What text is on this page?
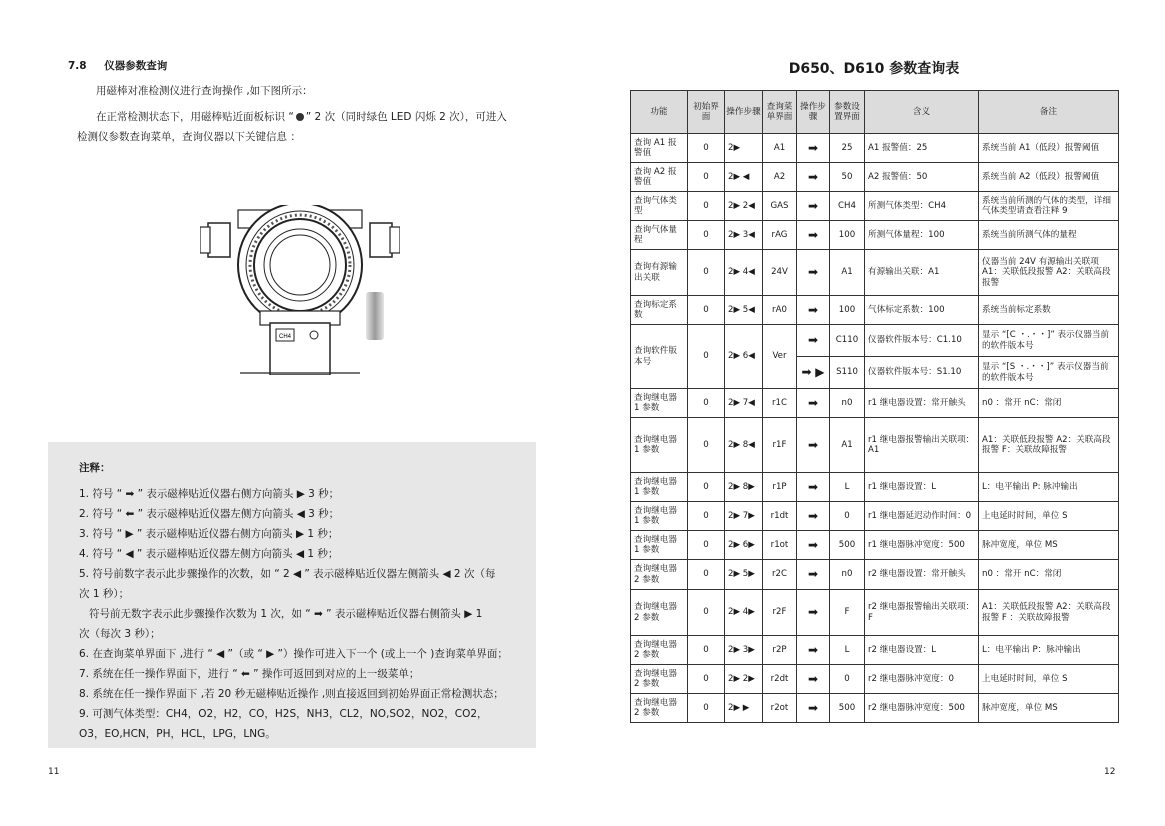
7.8 仪器参数查询
用磁棒对准检测仪进行查询操作 ,如下图所示：
在正常检测状态下，用磁棒贴近面板标识 “ ” 2 次（同时绿色 LED 闪烁 2 次），可进入
检测仪参数查询菜单，查询仪器以下关键信息 ：
CH4
注释：

1. 符号 “ ➡ ” 表示磁棒贴近仪器右侧方向箭头 ▶ 3 秒；

2. 符号 “ ⬅ ” 表示磁棒贴近仪器左侧方向箭头 ◀ 3 秒；

3. 符号 “ ▶ ” 表示磁棒贴近仪器右侧方向箭头 ▶ 1 秒；

4. 符号 “ ◀ ” 表示磁棒贴近仪器左侧方向箭头 ◀ 1 秒；

5. 符号前数字表示此步骤操作的次数，如 “ 2 ◀ ” 表示磁棒贴近仪器左侧箭头 ◀ 2 次（每

次 1 秒）；

符号前无数字表示此步骤操作次数为 1 次，如 “ ➡ ” 表示磁棒贴近仪器右侧箭头 ▶ 1

次（每次 3 秒）；

6. 在查询菜单界面下 ,进行 “ ◀ ”（或 “ ▶ ”）操作可进入下一个 (或上一个 )查询菜单界面；

7. 系统在任一操作界面下，进行 “ ⬅ ” 操作可返回到对应的上一级菜单；

8. 系统在任一操作界面下 ,若 20 秒无磁棒贴近操作 ,则直接返回到初始界面正常检测状态；

9. 可测气体类型：CH4，O2，H2，CO，H2S，NH3，CL2，NO,SO2，NO2，CO2，

O3，EO,HCN，PH，HCL，LPG，LNG。

11
D650、D610 参数查询表
功能	初始界面	操作步骤	查询菜单界面	操作步骤	参数设置界面	含义	备注
查询 A1 报警值	0	2▶	A1	➡	25	A1 报警值：25	系统当前 A1（低段）报警阈值
查询 A2 报警值	0	2▶ ◀	A2	➡	50	A2 报警值：50	系统当前 A2（低段）报警阈值
查询气体类型	0	2▶ 2◀	GAS	➡	CH4	所测气体类型：CH4	系统当前所测的气体的类型，详细气体类型请查看注释 9
查询气体量程	0	2▶ 3◀	rAG	➡	100	所测气体量程：100	系统当前所测气体的量程
查询有源输出关联	0	2▶ 4◀	24V	➡	A1	有源输出关联：A1	仪器当前 24V 有源输出关联项 A1：关联低段报警 A2：关联高段报警
查询标定系数	0	2▶ 5◀	rA0	➡	100	气体标定系数：100	系统当前标定系数
查询软件版本号	0	2▶ 6◀	Ver	➡	C110	仪器软件版本号：C1.10	显示 “[C ・.・・]” 表示仪器当前的软件版本号
				➡ ▶	S110	仪器软件版本号：S1.10	显示 “[S ・.・・]” 表示仪器当前的软件版本号
查询继电器 1 参数	0	2▶ 7◀	r1C	➡	n0	r1 继电器设置：常开触头	n0 ：常开 nC：常闭
查询继电器 1 参数	0	2▶ 8◀	r1F	➡	A1	r1 继电器报警输出关联项：A1	A1：关联低段报警 A2：关联高段报警 F：关联故障报警
查询继电器 1 参数	0	2▶ 8▶	r1P	➡	L	r1 继电器设置：L	L：电平输出 P: 脉冲输出
查询继电器 1 参数	0	2▶ 7▶	r1dt	➡	0	r1 继电器延迟动作时间：0	上电延时时间，单位 S
查询继电器 1 参数	0	2▶ 6▶	r1ot	➡	500	r1 继电器脉冲宽度：500	脉冲宽度，单位 MS
查询继电器 2 参数	0	2▶ 5▶	r2C	➡	n0	r2 继电器设置：常开触头	n0 ：常开 nC：常闭
查询继电器 2 参数	0	2▶ 4▶	r2F	➡	F	r2 继电器报警输出关联项：F	A1：关联低段报警 A2：关联高段报警 F ：关联故障报警
查询继电器 2 参数	0	2▶ 3▶	r2P	➡	L	r2 继电器设置：L	L：电平输出 P：脉冲输出
查询继电器 2 参数	0	2▶ 2▶	r2dt	➡	0	r2 继电器脉冲宽度：0	上电延时时间，单位 S
查询继电器 2 参数	0	2▶ ▶	r2ot	➡	500	r2 继电器脉冲宽度：500	脉冲宽度，单位 MS
12
